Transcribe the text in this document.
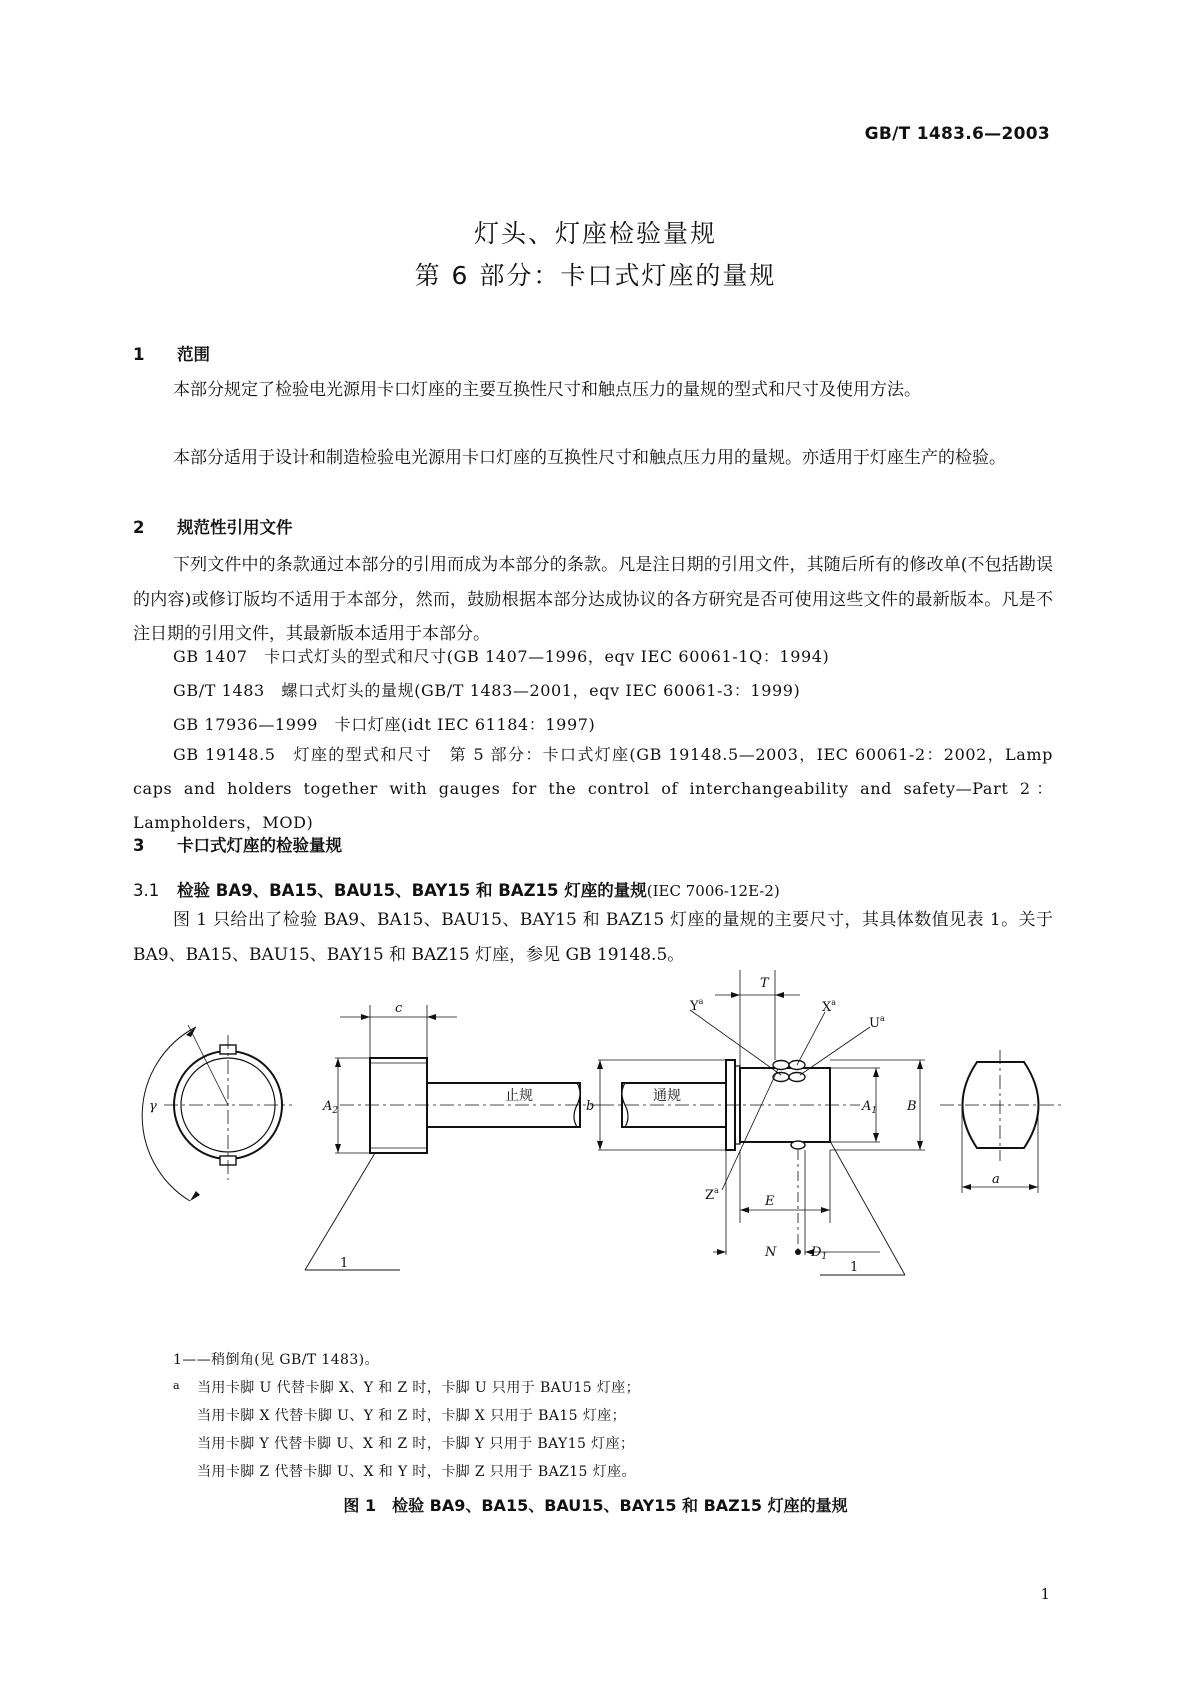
GB/T 1483.6—2003
灯头、灯座检验量规
第 6 部分：卡口式灯座的量规
1 范围
本部分规定了检验电光源用卡口灯座的主要互换性尺寸和触点压力的量规的型式和尺寸及使用方法。
本部分适用于设计和制造检验电光源用卡口灯座的互换性尺寸和触点压力用的量规。亦适用于灯座生产的检验。
2 规范性引用文件
下列文件中的条款通过本部分的引用而成为本部分的条款。凡是注日期的引用文件，其随后所有的修改单(不包括勘误的内容)或修订版均不适用于本部分，然而，鼓励根据本部分达成协议的各方研究是否可使用这些文件的最新版本。凡是不注日期的引用文件，其最新版本适用于本部分。
GB 1407　卡口式灯头的型式和尺寸(GB 1407—1996，eqv IEC 60061-1Q：1994)
GB/T 1483　螺口式灯头的量规(GB/T 1483—2001，eqv IEC 60061-3：1999)
GB 17936—1999　卡口灯座(idt IEC 61184：1997)
GB 19148.5　灯座的型式和尺寸　第 5 部分：卡口式灯座(GB 19148.5—2003，IEC 60061-2：2002，Lamp caps and holders together with gauges for the control of interchangeability and safety—Part 2：Lampholders，MOD)
3 卡口式灯座的检验量规
3.1 检验 BA9、BA15、BAU15、BAY15 和 BAZ15 灯座的量规(IEC 7006-12E-2)
图 1 只给出了检验 BA9、BA15、BAU15、BAY15 和 BAZ15 灯座的量规的主要尺寸，其具体数值见表 1。关于 BA9、BA15、BAU15、BAY15 和 BAZ15 灯座，参见 GB 19148.5。
γ
c
$A_2$
止规
1
通规
b
T
$Y^a$	$X^a$
$U^a$
$Z^a$
$A_1$ B
E
N	$D_1$
1
a
1——稍倒角(见 GB/T 1483)。
a 当用卡脚 U 代替卡脚 X、Y 和 Z 时，卡脚 U 只用于 BAU15 灯座；
当用卡脚 X 代替卡脚 U、Y 和 Z 时，卡脚 X 只用于 BA15 灯座；
当用卡脚 Y 代替卡脚 U、X 和 Z 时，卡脚 Y 只用于 BAY15 灯座；
当用卡脚 Z 代替卡脚 U、X 和 Y 时，卡脚 Z 只用于 BAZ15 灯座。
图 1　检验 BA9、BA15、BAU15、BAY15 和 BAZ15 灯座的量规
1
